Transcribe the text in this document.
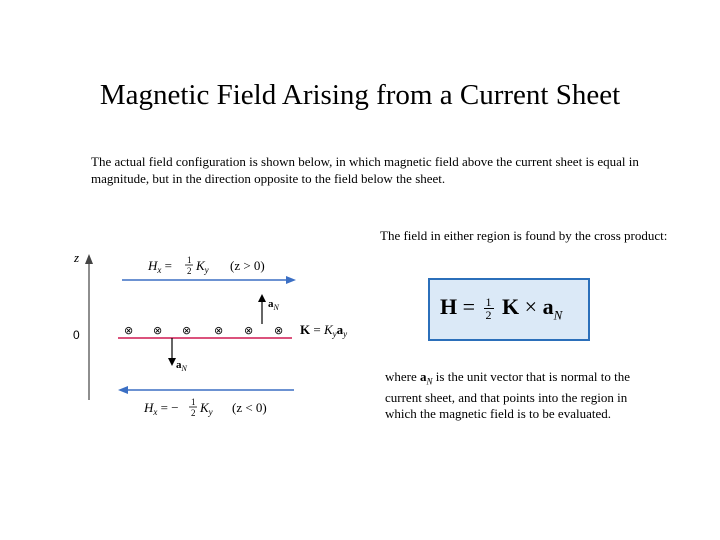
Magnetic Field Arising from a Current Sheet
The actual field configuration is shown below, in which magnetic field above the current sheet is equal in magnitude, but in the direction opposite to the field below the sheet.
The field in either region is found by the cross product:
$H = \frac{1}{2}$ $K \times a_N$
where $a_N$ is the unit vector that is normal to the current sheet, and that points into the region in which the magnetic field is to be evaluated.
z
0
$H_x = 1$
2 $K_y$ (z > 0)
$a_N$
⊗ ⊗ ⊗ ⊗ ⊗ ⊗ $K = K_ya_y$
$a_N$
$H_x$ = − 1
2 $K_y$ (z < 0)
